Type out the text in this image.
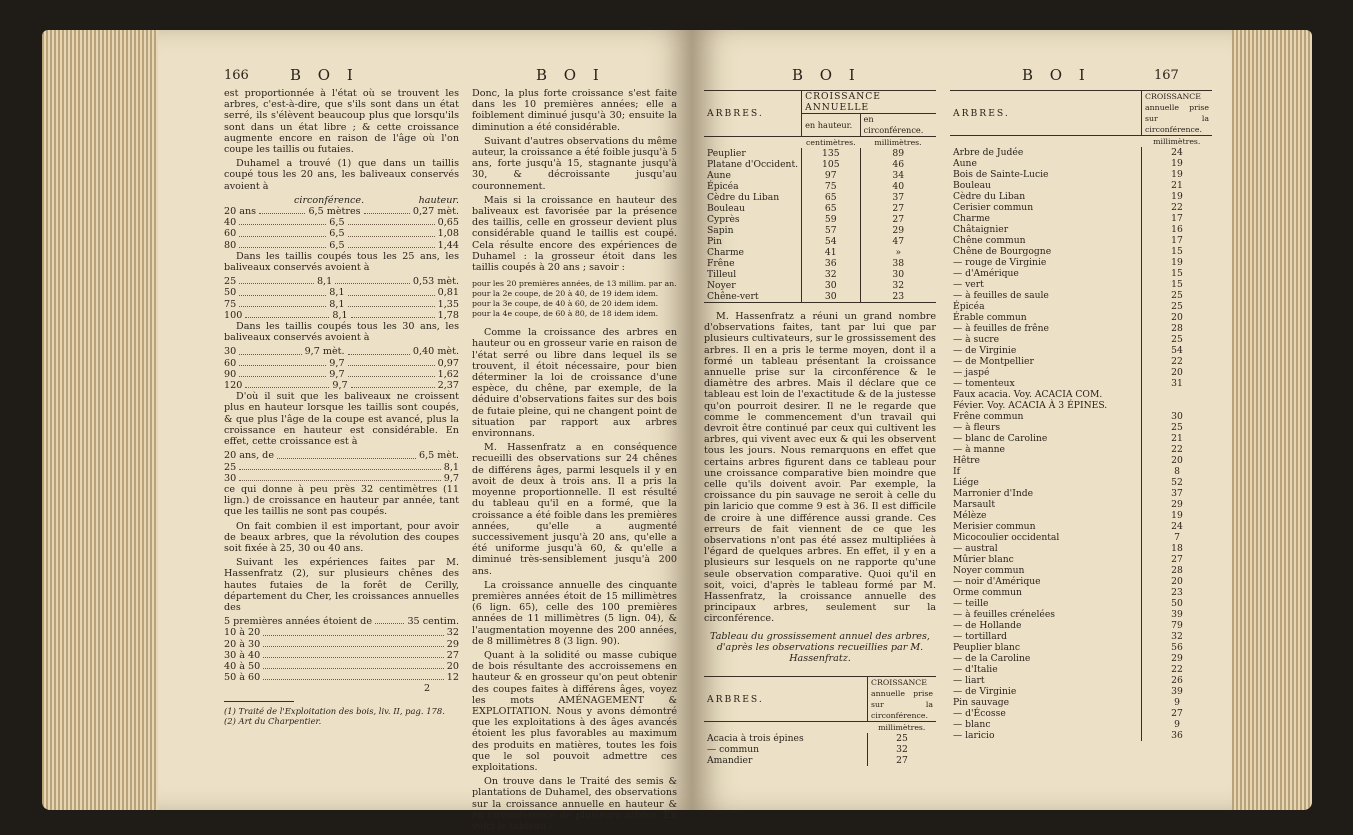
166	B O I	B O I

est proportionnée à l'état où se trouvent les arbres, c'est-à-dire, que s'ils sont dans un état serré, ils s'élèvent beaucoup plus que lorsqu'ils sont dans un état libre ; & cette croissance augmente encore en raison de l'âge où l'on coupe les taillis ou futaies.

Duhamel a trouvé (1) que dans un taillis coupé tous les 20 ans, les baliveaux conservés avoient à

circonférence.	hauteur.
20 ans	6,5 mètres	0,27 mèt.
40	6,5	0,65
60	6,5	1,08
80	6,5	1,44

Dans les taillis coupés tous les 25 ans, les baliveaux conservés avoient à

25	8,1	0,53 mèt.
50	8,1	0,81
75	8,1	1,35
100	8,1	1,78

Dans les taillis coupés tous les 30 ans, les baliveaux conservés avoient à

30	9,7 mèt.	0,40 mèt.
60	9,7	0,97
90	9,7	1,62
120	9,7	2,37

D'où il suit que les baliveaux ne croissent plus en hauteur lorsque les taillis sont coupés, & que plus l'âge de la coupe est avancé, plus la croissance en hauteur est considérable. En effet, cette croissance est à

20 ans, de	6,5 mèt.
25	8,1
30	9,7

ce qui donne à peu près 32 centimètres (11 lign.) de croissance en hauteur par année, tant que les taillis ne sont pas coupés.

On fait combien il est important, pour avoir de beaux arbres, que la révolution des coupes soit fixée à 25, 30 ou 40 ans.

Suivant les expériences faites par M. Hassenfratz (2), sur plusieurs chênes des hautes futaies de la forêt de Cerilly, département du Cher, les croissances annuelles des

5 premières années étoient de	35 centim.
10 à 20	32
20 à 30	29
30 à 40	27
40 à 50	20
50 à 60	12
2
(1) Traité de l'Exploitation des bois, liv. II, pag. 178.
(2) Art du Charpentier.

Donc, la plus forte croissance s'est faite dans les 10 premières années; elle a foiblement diminué jusqu'à 30; ensuite la diminution a été considérable.

Suivant d'autres observations du même auteur, la croissance a été foible jusqu'à 5 ans, forte jusqu'à 15, stagnante jusqu'à 30, & décroissante jusqu'au couronnement.

Mais si la croissance en hauteur des baliveaux est favorisée par la présence des taillis, celle en grosseur devient plus considérable quand le taillis est coupé. Cela résulte encore des expériences de Duhamel : la grosseur étoit dans les taillis coupés à 20 ans ; savoir :

pour les 20 premières années, de 13 millim. par an.
pour la 2e coupe, de 20 à 40, de 19 idem idem.
pour la 3e coupe, de 40 à 60, de 20 idem idem.
pour la 4e coupe, de 60 à 80, de 18 idem idem.

Comme la croissance des arbres en hauteur ou en grosseur varie en raison de l'état serré ou libre dans lequel ils se trouvent, il étoit nécessaire, pour bien déterminer la loi de croissance d'une espèce, du chêne, par exemple, de la déduire d'observations faites sur des bois de futaie pleine, qui ne changent point de situation par rapport aux arbres environnans.

M. Hassenfratz a en conséquence recueilli des observations sur 24 chênes de différens âges, parmi lesquels il y en avoit de deux à trois ans. Il a pris la moyenne proportionnelle. Il est résulté du tableau qu'il en a formé, que la croissance a été foible dans les premières années, qu'elle a augmenté successivement jusqu'à 20 ans, qu'elle a été uniforme jusqu'à 60, & qu'elle a diminué très-sensiblement jusqu'à 200 ans.

La croissance annuelle des cinquante premières années étoit de 15 millimètres (6 lign. 65), celle des 100 premières années de 11 millimètres (5 lign. 04), & l'augmentation moyenne des 200 années, de 8 millimètres 8 (3 lign. 90).

Quant à la solidité ou masse cubique de bois résultante des accroissemens en hauteur & en grosseur qu'on peut obtenir des coupes faites à différens âges, voyez les mots AMÉNAGEMENT & EXPLOITATION. Nous y avons démontré que les exploitations à des âges avancés étoient les plus favorables au maximum des produits en matières, toutes les fois que le sol pouvoit admettre ces exploitations.

On trouve dans le Traité des semis & plantations de Duhamel, des observations sur la croissance annuelle en hauteur & en circonférence de plusieurs arbres. En voici le tableau :

B O I	B O I	167
ARBRES.	CROISSANCE ANNUELLE	
	en hauteur.	en circonférence.
	centimètres.	millimètres.
Peuplier	135	89
Platane d'Occident.	105	46
Aune	97	34
Épicéa	75	40
Cèdre du Liban	65	37
Bouleau	65	27
Cyprès	59	27
Sapin	57	29
Pin	54	47
Charme	41	»
Frêne	36	38
Tilleul	32	30
Noyer	30	32
Chêne-vert	30	23

M. Hassenfratz a réuni un grand nombre d'observations faites, tant par lui que par plusieurs cultivateurs, sur le grossissement des arbres. Il en a pris le terme moyen, dont il a formé un tableau présentant la croissance annuelle prise sur la circonférence & le diamètre des arbres. Mais il déclare que ce tableau est loin de l'exactitude & de la justesse qu'on pourroit desirer. Il ne le regarde que comme le commencement d'un travail qui devroit être continué par ceux qui cultivent les arbres, qui vivent avec eux & qui les observent tous les jours. Nous remarquons en effet que certains arbres figurent dans ce tableau pour une croissance comparative bien moindre que celle qu'ils doivent avoir. Par exemple, la croissance du pin sauvage ne seroit à celle du pin laricio que comme 9 est à 36. Il est difficile de croire à une différence aussi grande. Ces erreurs de fait viennent de ce que les observations n'ont pas été assez multipliées à l'égard de quelques arbres. En effet, il y en a plusieurs sur lesquels on ne rapporte qu'une seule observation comparative. Quoi qu'il en soit, voici, d'après le tableau formé par M. Hassenfratz, la croissance annuelle des principaux arbres, seulement sur la circonférence.

Tableau du grossissement annuel des arbres, d'après les observations recueillies par M. Hassenfratz.

ARBRES.	CROISSANCE annuelle prise sur la circonférence.
	millimètres.
Acacia à trois épines	25
— commun	32
Amandier	27
ARBRES.	CROISSANCE annuelle prise sur la circonférence.
	millimètres.
Arbre de Judée	24
Aune	19
Bois de Sainte-Lucie	19
Bouleau	21
Cèdre du Liban	19
Cerisier commun	22
Charme	17
Châtaignier	16
Chêne commun	17
Chêne de Bourgogne	15
— rouge de Virginie	19
— d'Amérique	15
— vert	15
— à feuilles de saule	25
Épicéa	25
Érable commun	20
— à feuilles de frêne	28
— à sucre	25
— de Virginie	54
— de Montpellier	22
— jaspé	20
— tomenteux	31
Faux acacia. Voy. ACACIA COM.	
Févier. Voy. ACACIA À 3 ÉPINES.	
Frêne commun	30
— à fleurs	25
— blanc de Caroline	21
— à manne	22
Hêtre	20
If	8
Liége	52
Marronier d'Inde	37
Marsault	29
Mélèze	19
Merisier commun	24
Micocoulier occidental	7
— austral	18
Mûrier blanc	27
Noyer commun	28
— noir d'Amérique	20
Orme commun	23
— teille	50
— à feuilles crénelées	39
— de Hollande	79
— tortillard	32
Peuplier blanc	56
— de la Caroline	29
— d'Italie	22
— liart	26
— de Virginie	39
Pin sauvage	9
— d'Écosse	27
— blanc	9
— laricio	36
